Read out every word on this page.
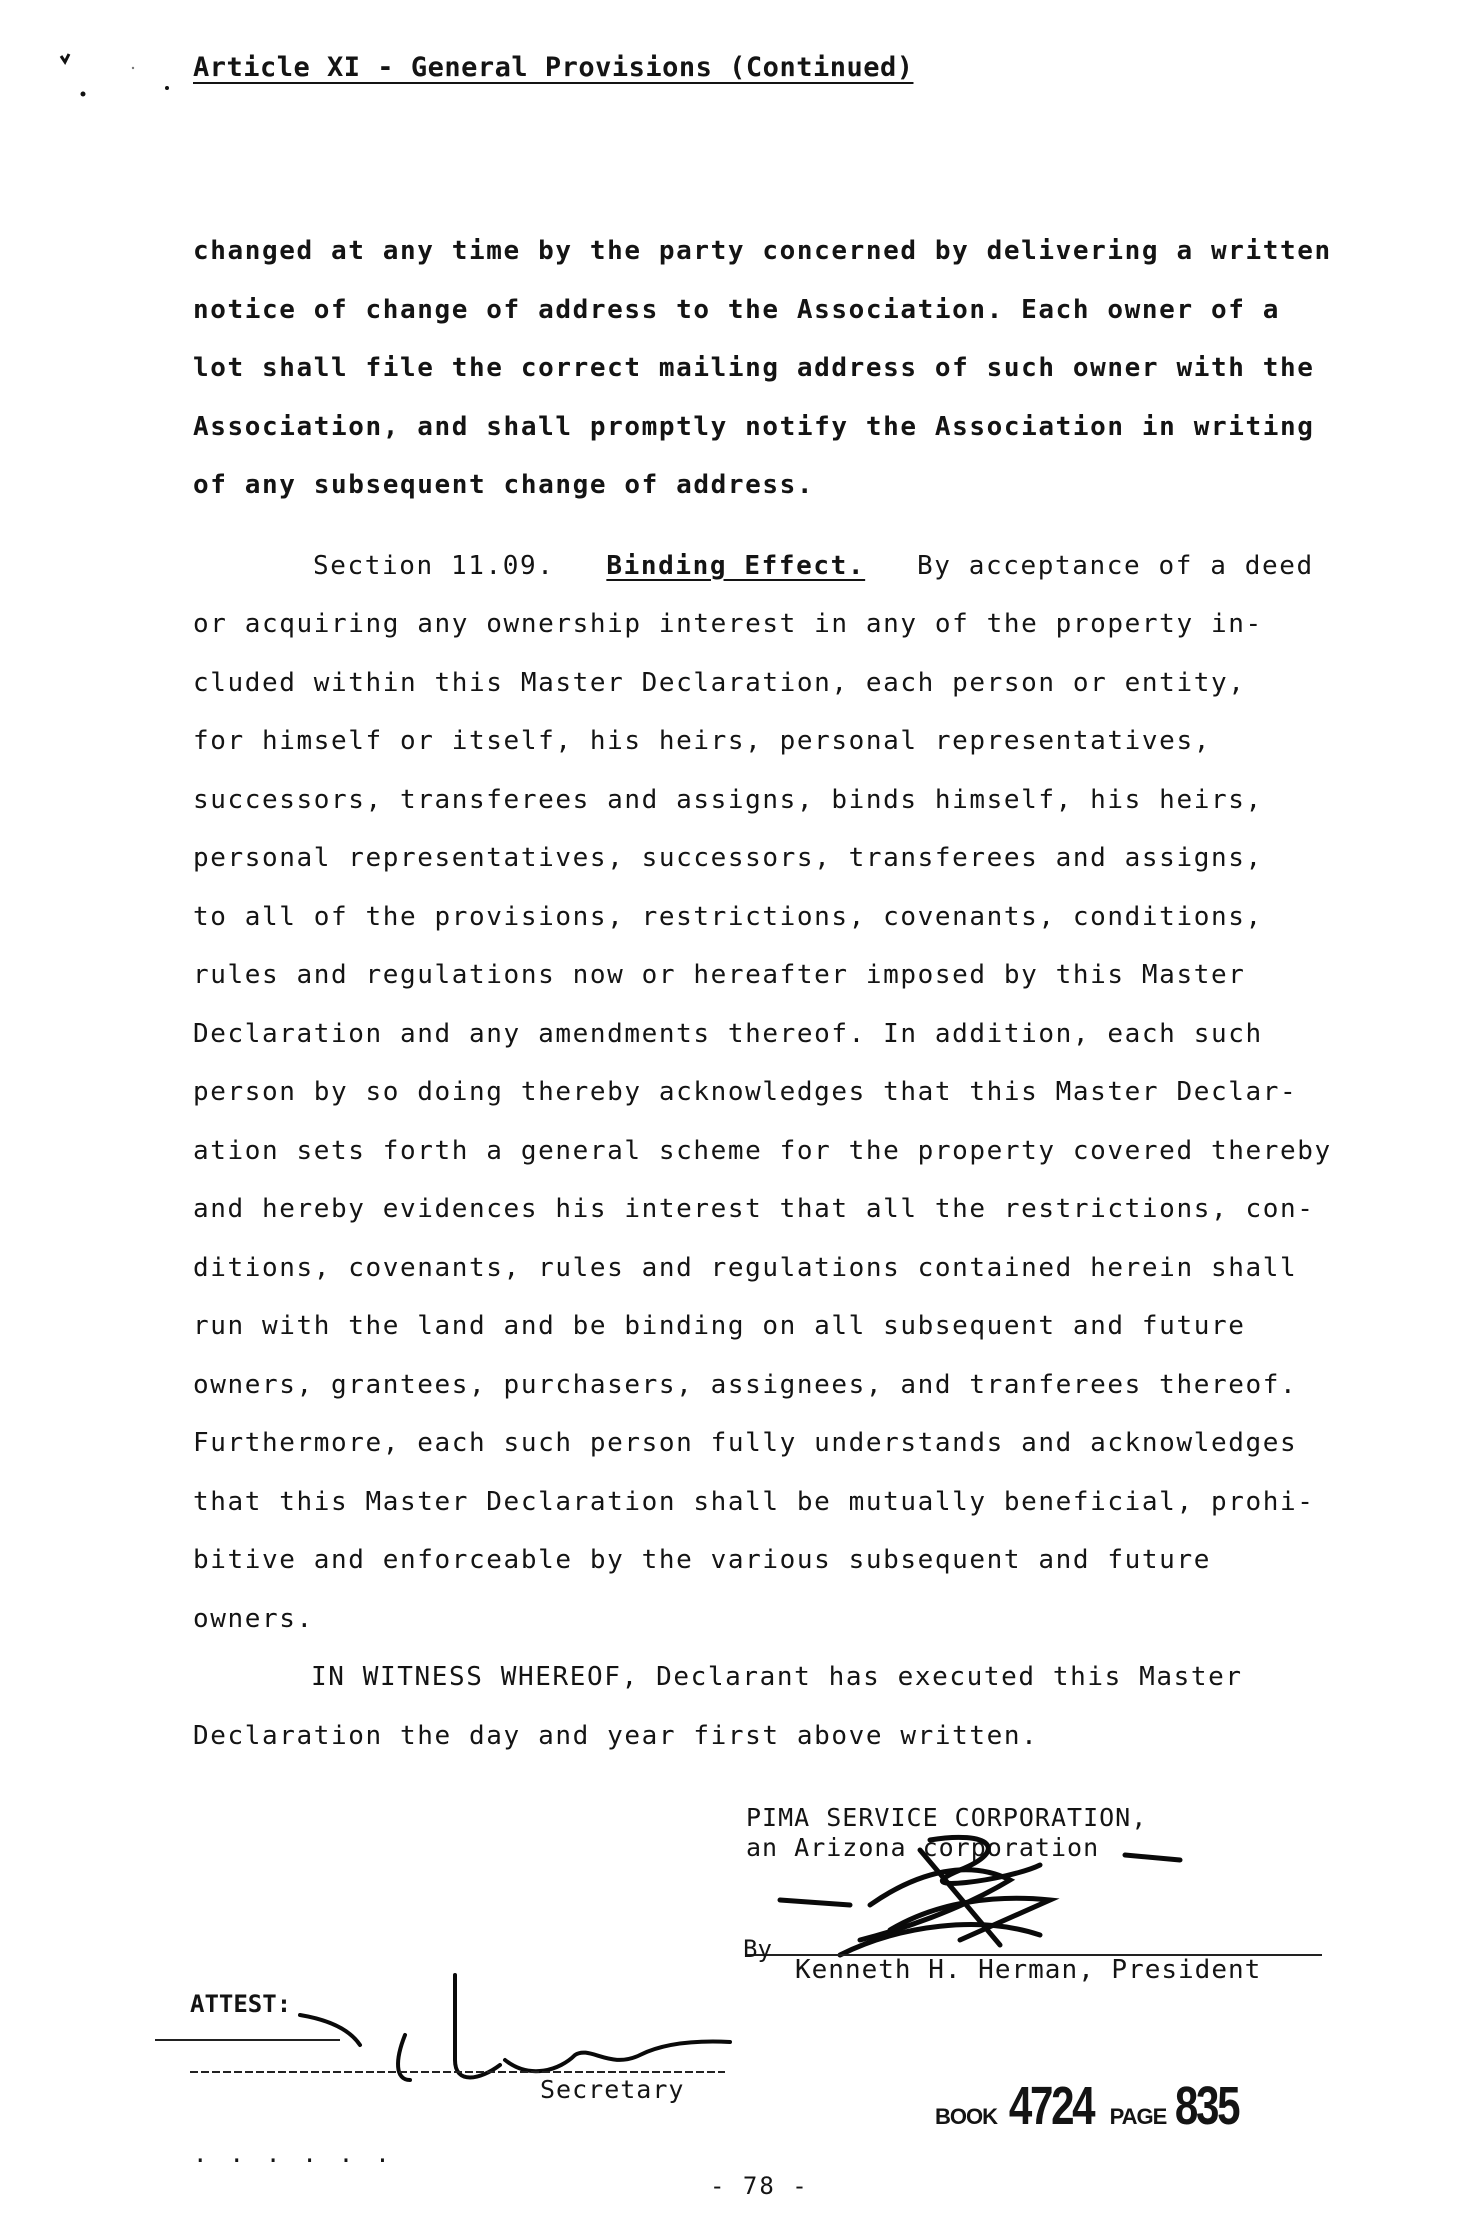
Article XI - General Provisions (Continued)
changed at any time by the party concerned by delivering a written
notice of change of address to the Association. Each owner of a
lot shall file the correct mailing address of such owner with the
Association, and shall promptly notify the Association in writing
of any subsequent change of address.
Section 11.09. Binding Effect. By acceptance of a deed
or acquiring any ownership interest in any of the property in-
cluded within this Master Declaration, each person or entity,
for himself or itself, his heirs, personal representatives,
successors, transferees and assigns, binds himself, his heirs,
personal representatives, successors, transferees and assigns,
to all of the provisions, restrictions, covenants, conditions,
rules and regulations now or hereafter imposed by this Master
Declaration and any amendments thereof. In addition, each such
person by so doing thereby acknowledges that this Master Declar-
ation sets forth a general scheme for the property covered thereby
and hereby evidences his interest that all the restrictions, con-
ditions, covenants, rules and regulations contained herein shall
run with the land and be binding on all subsequent and future
owners, grantees, purchasers, assignees, and tranferees thereof.
Furthermore, each such person fully understands and acknowledges
that this Master Declaration shall be mutually beneficial, prohi-
bitive and enforceable by the various subsequent and future
owners.
IN WITNESS WHEREOF, Declarant has executed this Master
Declaration the day and year first above written.
PIMA SERVICE CORPORATION,
an Arizona corporation
By
Kenneth H. Herman, President
ATTEST:
Secretary
BOOK 4724 PAGE 835
......
- 78 -
